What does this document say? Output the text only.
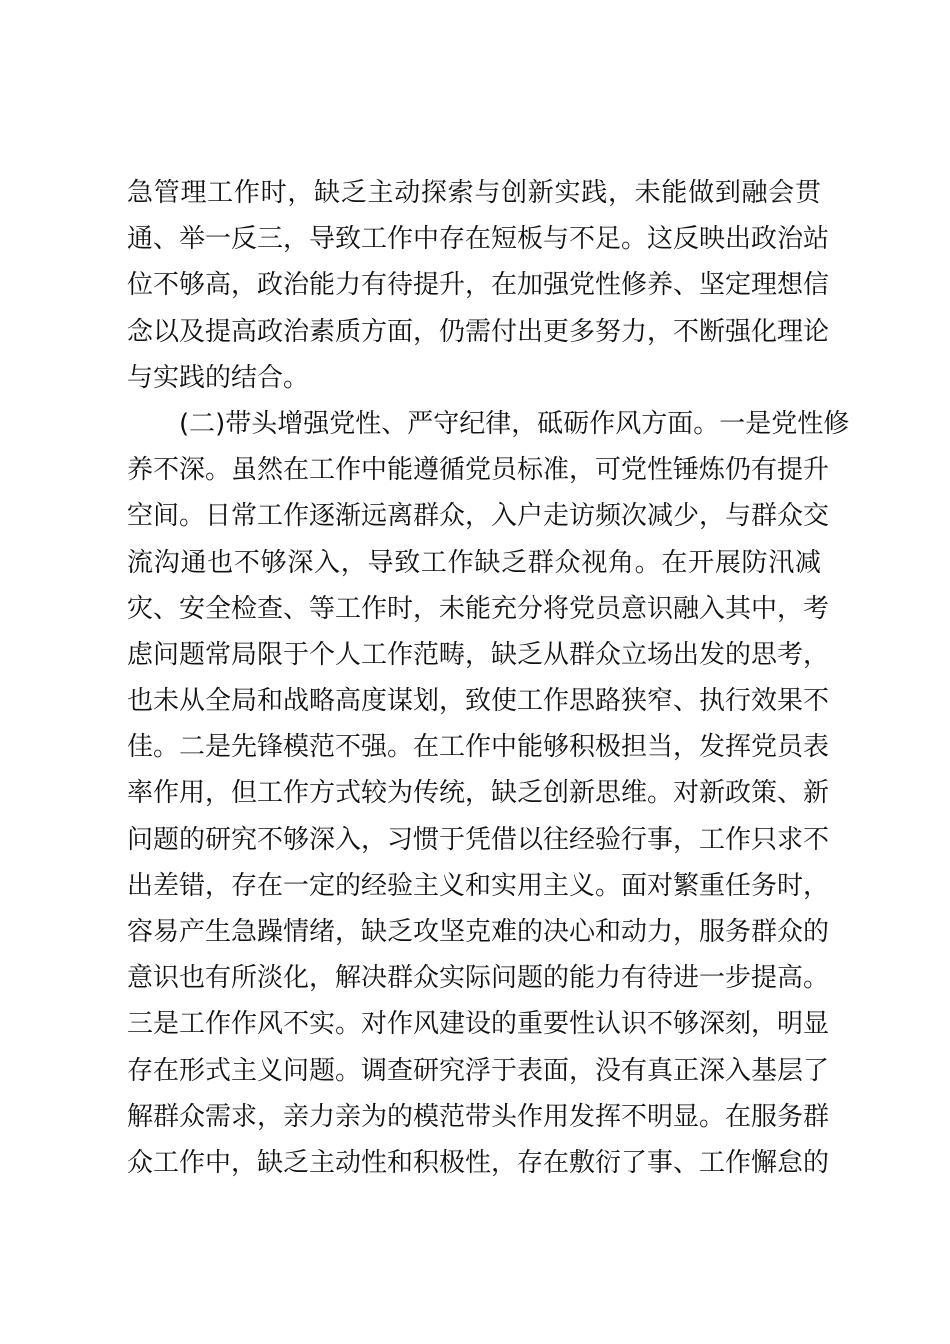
急管理工作时，缺乏主动探索与创新实践，未能做到融会贯
通、举一反三，导致工作中存在短板与不足。这反映出政治站
位不够高，政治能力有待提升，在加强党性修养、坚定理想信
念以及提高政治素质方面，仍需付出更多努力，不断强化理论
与实践的结合。
(二)带头增强党性、严守纪律，砥砺作风方面。一是党性修
养不深。虽然在工作中能遵循党员标准，可党性锤炼仍有提升
空间。日常工作逐渐远离群众，入户走访频次减少，与群众交
流沟通也不够深入，导致工作缺乏群众视角。在开展防汛减
灾、安全检查、等工作时，未能充分将党员意识融入其中，考
虑问题常局限于个人工作范畴，缺乏从群众立场出发的思考，
也未从全局和战略高度谋划，致使工作思路狭窄、执行效果不
佳。二是先锋模范不强。在工作中能够积极担当，发挥党员表
率作用，但工作方式较为传统，缺乏创新思维。对新政策、新
问题的研究不够深入，习惯于凭借以往经验行事，工作只求不
出差错，存在一定的经验主义和实用主义。面对繁重任务时，
容易产生急躁情绪，缺乏攻坚克难的决心和动力，服务群众的
意识也有所淡化，解决群众实际问题的能力有待进一步提高。
三是工作作风不实。对作风建设的重要性认识不够深刻，明显
存在形式主义问题。调查研究浮于表面，没有真正深入基层了
解群众需求，亲力亲为的模范带头作用发挥不明显。在服务群
众工作中，缺乏主动性和积极性，存在敷衍了事、工作懈怠的
